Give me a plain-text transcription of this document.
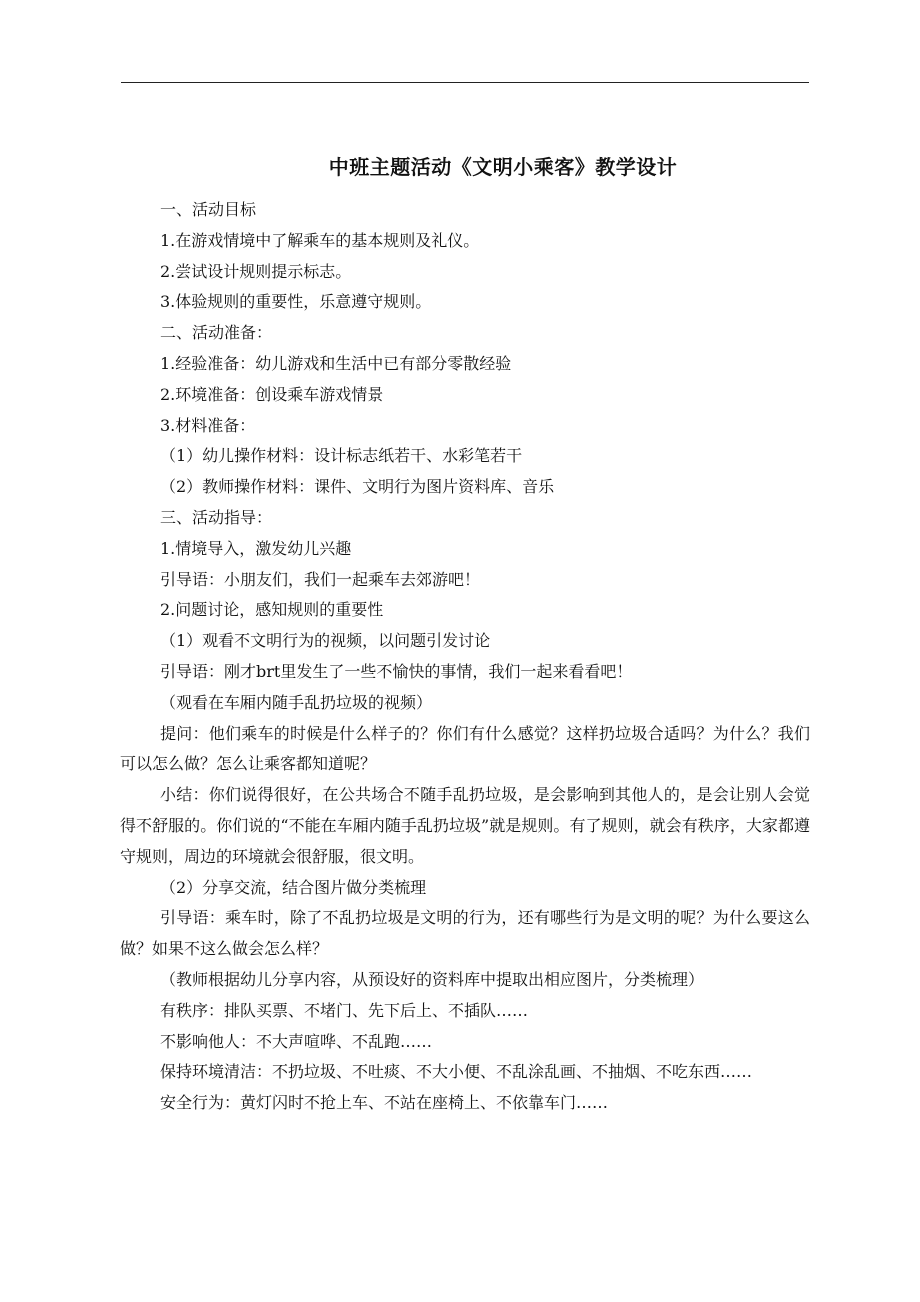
中班主题活动《文明小乘客》教学设计

一、活动目标

1.在游戏情境中了解乘车的基本规则及礼仪。

2.尝试设计规则提示标志。

3.体验规则的重要性，乐意遵守规则。

二、活动准备：

1.经验准备：幼儿游戏和生活中已有部分零散经验

2.环境准备：创设乘车游戏情景

3.材料准备：

（1）幼儿操作材料：设计标志纸若干、水彩笔若干

（2）教师操作材料：课件、文明行为图片资料库、音乐

三、活动指导：

1.情境导入，激发幼儿兴趣

引导语：小朋友们，我们一起乘车去郊游吧！

2.问题讨论，感知规则的重要性

（1）观看不文明行为的视频，以问题引发讨论

引导语：刚才brt里发生了一些不愉快的事情，我们一起来看看吧！

（观看在车厢内随手乱扔垃圾的视频）

提问：他们乘车的时候是什么样子的？你们有什么感觉？这样扔垃圾合适吗？为什么？我们可以怎么做？怎么让乘客都知道呢？

小结：你们说得很好，在公共场合不随手乱扔垃圾，是会影响到其他人的，是会让别人会觉得不舒服的。你们说的“不能在车厢内随手乱扔垃圾”就是规则。有了规则，就会有秩序，大家都遵守规则，周边的环境就会很舒服，很文明。

（2）分享交流，结合图片做分类梳理

引导语：乘车时，除了不乱扔垃圾是文明的行为，还有哪些行为是文明的呢？为什么要这么做？如果不这么做会怎么样？

（教师根据幼儿分享内容，从预设好的资料库中提取出相应图片，分类梳理）

有秩序：排队买票、不堵门、先下后上、不插队……

不影响他人：不大声喧哗、不乱跑……

保持环境清洁：不扔垃圾、不吐痰、不大小便、不乱涂乱画、不抽烟、不吃东西……

安全行为：黄灯闪时不抢上车、不站在座椅上、不依靠车门……
